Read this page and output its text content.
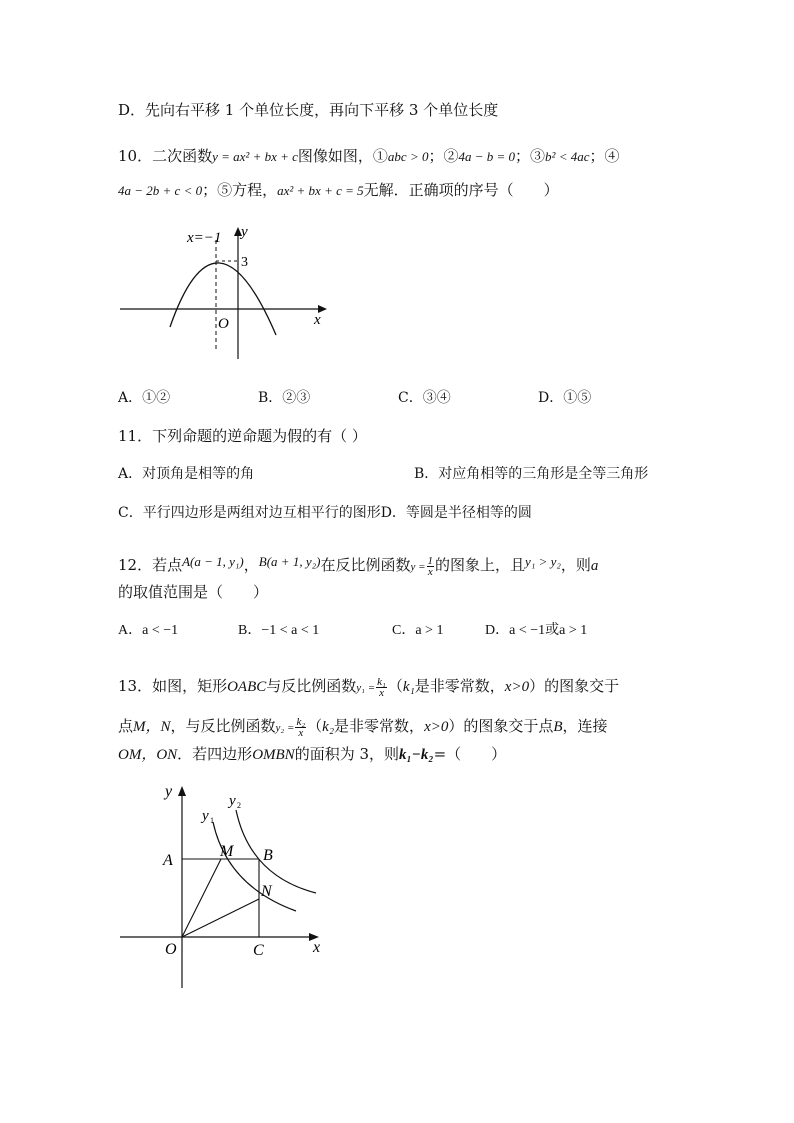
D．先向右平移 1 个单位长度，再向下平移 3 个单位长度
10．二次函数y = ax² + bx + c图像如图，①abc > 0；②4a − b = 0；③b² < 4ac；④
4a − 2b + c < 0；⑤方程，ax² + bx + c = 5无解．正确项的序号（　　）
x=−1 y
3
O	x
A．①②	B．②③	C．③④	D．①⑤
11．下列命题的逆命题为假的有（ ）
A．对顶角是相等的角	B．对应角相等的三角形是全等三角形
C．平行四边形是两组对边互相平行的图形D．等圆是半径相等的圆
12．若点A(a − 1, y₁)，B(a + 1, y₂)在反比例函数$y = \frac{1}{x}$ 的图象上，且y₁ > y₂，则a
的取值范围是（　　）
A．a < −1	B．−1 < a < 1	C．a > 1	D．a < −1或a > 1
13．如图，矩形OABC与反比例函数$y_1 = \frac{\text{k₁}}{x} (k_1$是非零常数，x>0）的图象交于
点M，N，与反比例函数$y_2 = \frac{\text{k₂}}{x} (k_2$是非零常数，x>0）的图象交于点B，连接
OM，ON．若四边形OMBN的面积为 3，则k₁−k₂=（　　）
y
y 1
y 2
A
M B
N
O	C	x
